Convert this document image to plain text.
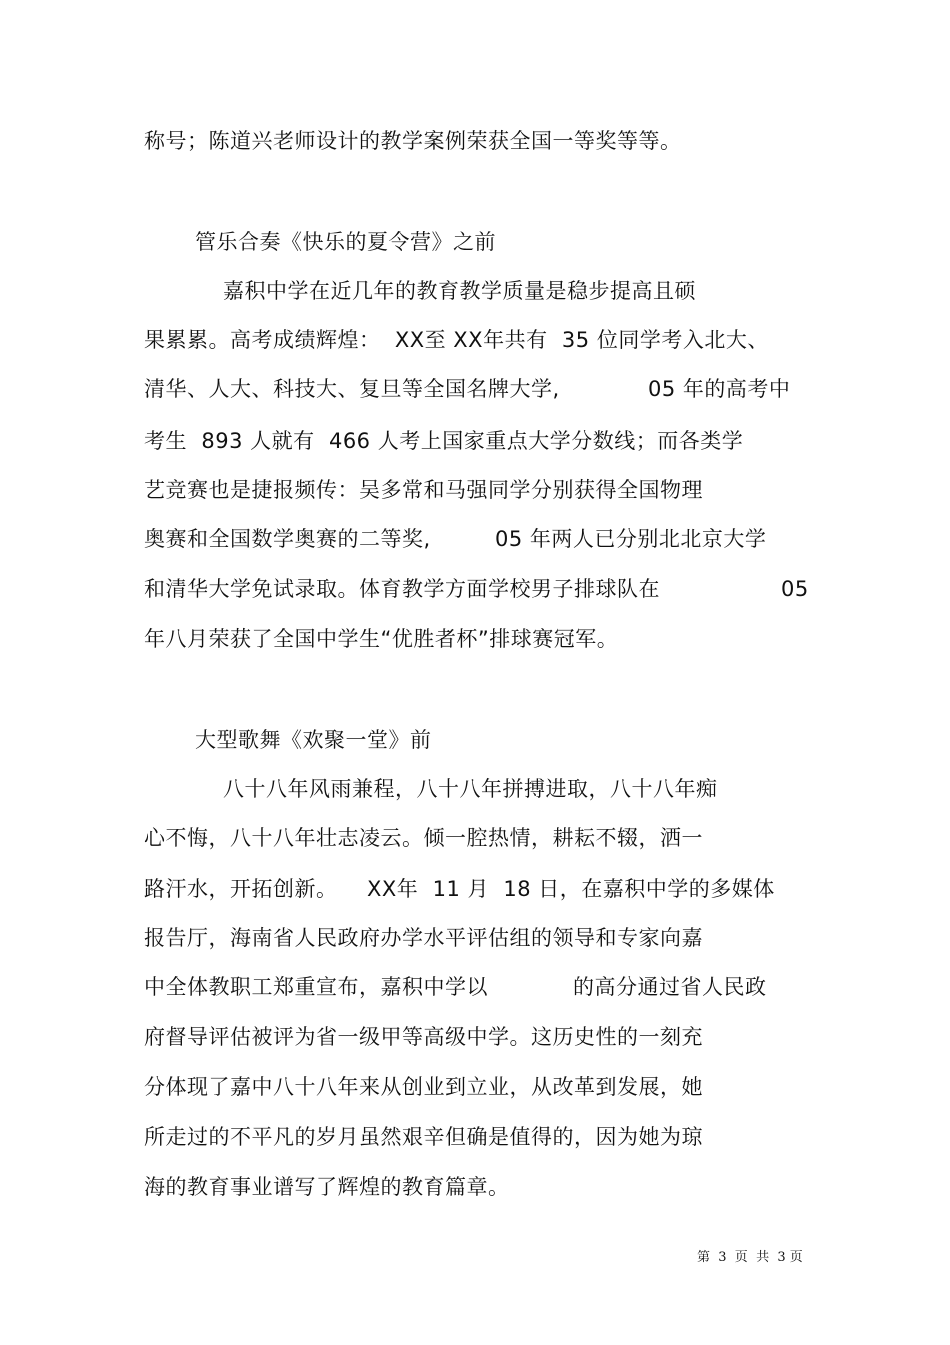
称号；陈道兴老师设计的教学案例荣获全国一等奖等等。
管乐合奏《快乐的夏令营》之前
嘉积中学在近几年的教育教学质量是稳步提高且硕
果累累。高考成绩辉煌：  XX至 XX年共有  35 位同学考入北大、
清华、人大、科技大、复旦等全国名牌大学,	05 年的高考中
考生  893 人就有  466 人考上国家重点大学分数线；而各类学
艺竞赛也是捷报频传：吴多常和马强同学分别获得全国物理
奥赛和全国数学奥赛的二等奖,	05 年两人已分别北北京大学
和清华大学免试录取。体育教学方面学校男子排球队在	05
年八月荣获了全国中学生“优胜者杯”排球赛冠军。
大型歌舞《欢聚一堂》前
八十八年风雨兼程，八十八年拼搏进取，八十八年痴
心不悔，八十八年壮志凌云。倾一腔热情，耕耘不辍，洒一
路汗水，开拓创新。 XX年  11 月  18 日，在嘉积中学的多媒体
报告厅，海南省人民政府办学水平评估组的领导和专家向嘉
中全体教职工郑重宣布，嘉积中学以	的高分通过省人民政
府督导评估被评为省一级甲等高级中学。这历史性的一刻充
分体现了嘉中八十八年来从创业到立业，从改革到发展，她
所走过的不平凡的岁月虽然艰辛但确是值得的，因为她为琼
海的教育事业谱写了辉煌的教育篇章。
第  3  页  共  3 页
